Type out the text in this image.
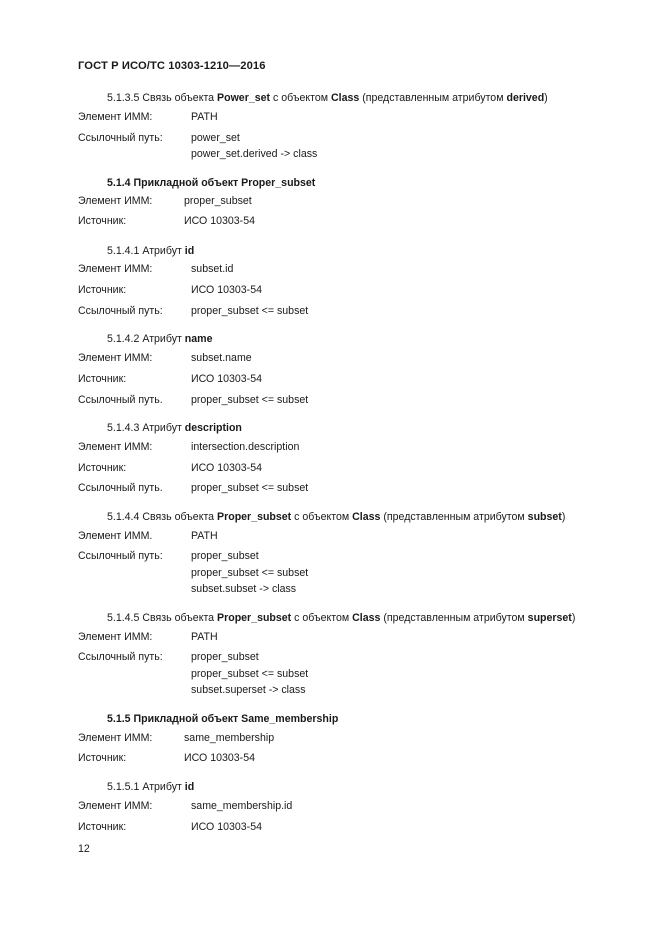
ГОСТ Р ИСО/ТС 10303-1210—2016
5.1.3.5 Связь объекта Power_set с объектом Class (представленным атрибутом derived)
Элемент ИММ:	PATH
Ссылочный путь:	power_set
power_set.derived -> class
5.1.4 Прикладной объект Proper_subset
Элемент ИММ:	proper_subset
Источник:	ИСО 10303-54
5.1.4.1 Атрибут id
Элемент ИММ:	subset.id
Источник:	ИСО 10303-54
Ссылочный путь:	proper_subset <= subset
5.1.4.2 Атрибут name
Элемент ИММ:	subset.name
Источник:	ИСО 10303-54
Ссылочный путь.	proper_subset <= subset
5.1.4.3 Атрибут description
Элемент ИММ:	intersection.description
Источник:	ИСО 10303-54
Ссылочный путь.	proper_subset <= subset
5.1.4.4 Связь объекта Proper_subset с объектом Class (представленным атрибутом subset)
Элемент ИММ.	PATH
Ссылочный путь:	proper_subset
proper_subset <= subset
subset.subset -> class
5.1.4.5 Связь объекта Proper_subset с объектом Class (представленным атрибутом superset)
Элемент ИММ:	PATH
Ссылочный путь:	proper_subset
proper_subset <= subset
subset.superset -> class
5.1.5 Прикладной объект Same_membership
Элемент ИММ:	same_membership
Источник:	ИСО 10303-54
5.1.5.1 Атрибут id
Элемент ИММ:	same_membership.id
Источник:	ИСО 10303-54
12
